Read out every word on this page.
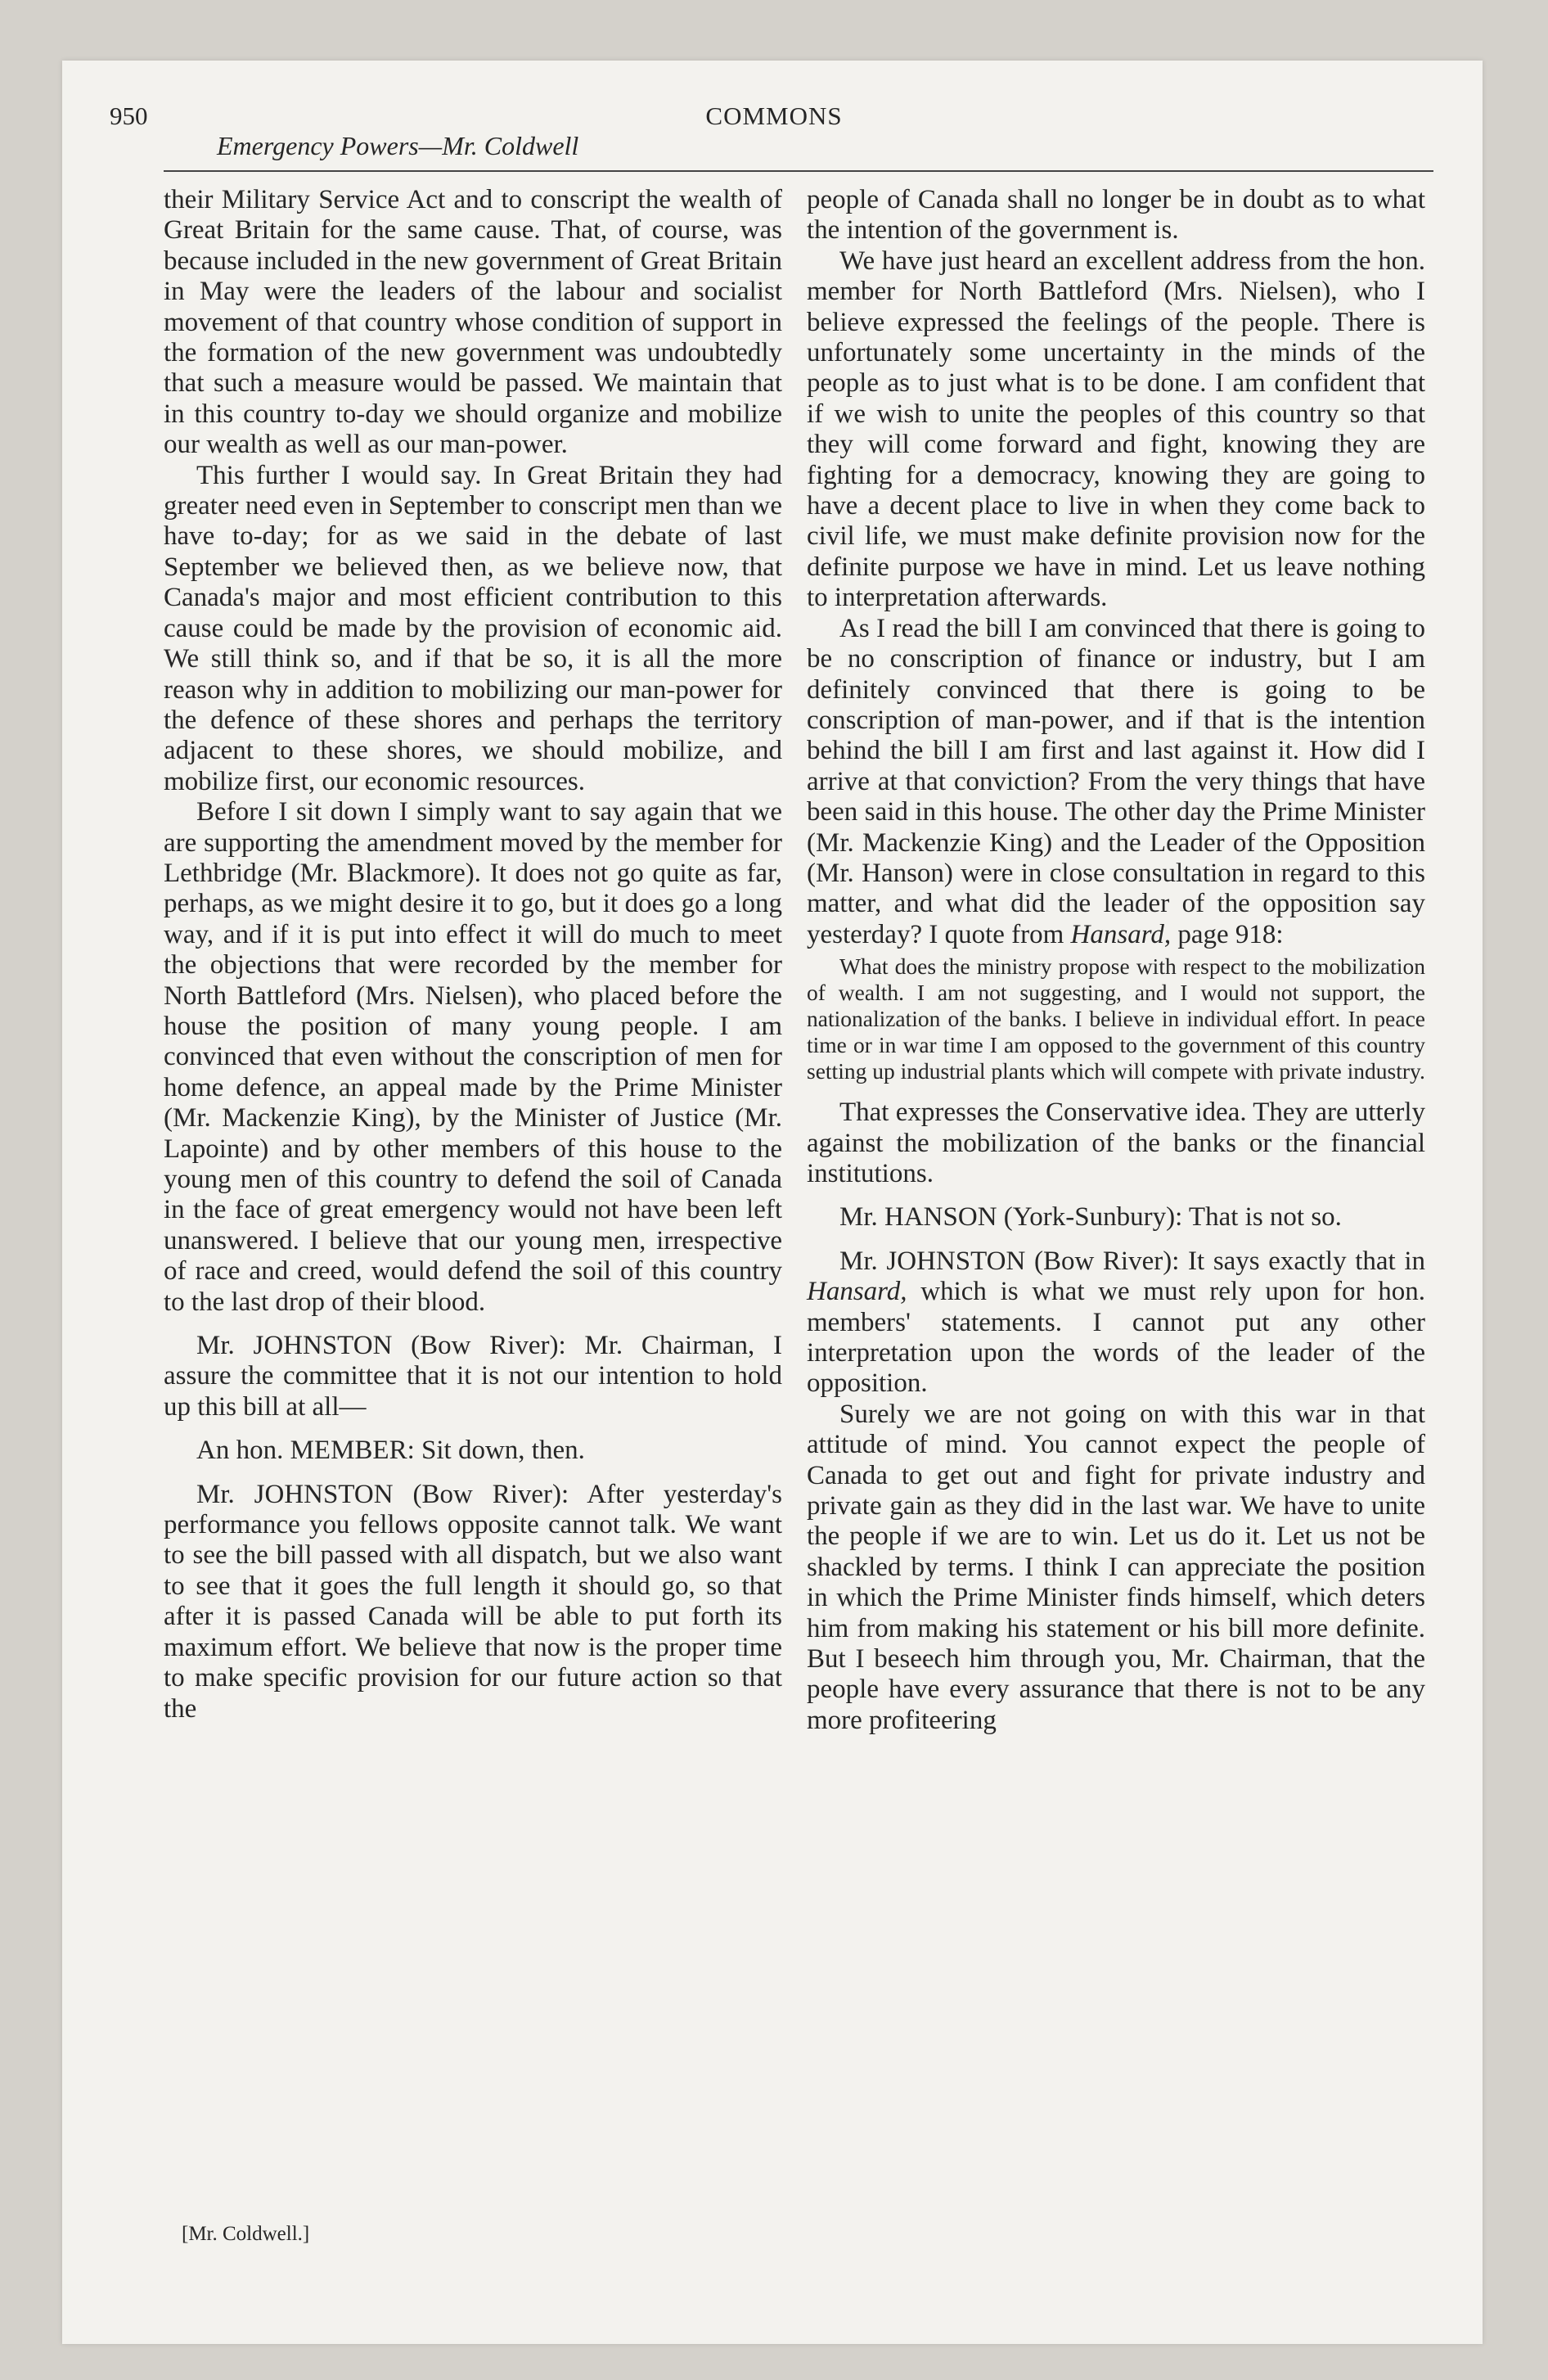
950	COMMONS
Emergency Powers—Mr. Coldwell

their Military Service Act and to conscript the wealth of Great Britain for the same cause. That, of course, was because included in the new government of Great Britain in May were the leaders of the labour and socialist movement of that country whose condition of support in the formation of the new government was undoubtedly that such a measure would be passed. We maintain that in this country to-day we should organize and mobilize our wealth as well as our man-power.

This further I would say. In Great Britain they had greater need even in September to conscript men than we have to-day; for as we said in the debate of last September we believed then, as we believe now, that Canada's major and most efficient contribution to this cause could be made by the provision of economic aid. We still think so, and if that be so, it is all the more reason why in addition to mobilizing our man-power for the defence of these shores and perhaps the territory adjacent to these shores, we should mobilize, and mobilize first, our economic resources.

Before I sit down I simply want to say again that we are supporting the amendment moved by the member for Lethbridge (Mr. Blackmore). It does not go quite as far, perhaps, as we might desire it to go, but it does go a long way, and if it is put into effect it will do much to meet the objections that were recorded by the member for North Battleford (Mrs. Nielsen), who placed before the house the position of many young people. I am convinced that even without the conscription of men for home defence, an appeal made by the Prime Minister (Mr. Mackenzie King), by the Minister of Justice (Mr. Lapointe) and by other members of this house to the young men of this country to defend the soil of Canada in the face of great emergency would not have been left unanswered. I believe that our young men, irrespective of race and creed, would defend the soil of this country to the last drop of their blood.

Mr. JOHNSTON (Bow River): Mr. Chairman, I assure the committee that it is not our intention to hold up this bill at all—

An hon. MEMBER: Sit down, then.

Mr. JOHNSTON (Bow River): After yesterday's performance you fellows opposite cannot talk. We want to see the bill passed with all dispatch, but we also want to see that it goes the full length it should go, so that after it is passed Canada will be able to put forth its maximum effort. We believe that now is the proper time to make specific provision for our future action so that the

people of Canada shall no longer be in doubt as to what the intention of the government is.

We have just heard an excellent address from the hon. member for North Battleford (Mrs. Nielsen), who I believe expressed the feelings of the people. There is unfortunately some uncertainty in the minds of the people as to just what is to be done. I am confident that if we wish to unite the peoples of this country so that they will come forward and fight, knowing they are fighting for a democracy, knowing they are going to have a decent place to live in when they come back to civil life, we must make definite provision now for the definite purpose we have in mind. Let us leave nothing to interpretation afterwards.

As I read the bill I am convinced that there is going to be no conscription of finance or industry, but I am definitely convinced that there is going to be conscription of man-power, and if that is the intention behind the bill I am first and last against it. How did I arrive at that conviction? From the very things that have been said in this house. The other day the Prime Minister (Mr. Mackenzie King) and the Leader of the Opposition (Mr. Hanson) were in close consultation in regard to this matter, and what did the leader of the opposition say yesterday? I quote from Hansard, page 918:

What does the ministry propose with respect to the mobilization of wealth. I am not suggesting, and I would not support, the nationalization of the banks. I believe in individual effort. In peace time or in war time I am opposed to the government of this country setting up industrial plants which will compete with private industry.

That expresses the Conservative idea. They are utterly against the mobilization of the banks or the financial institutions.

Mr. HANSON (York-Sunbury): That is not so.

Mr. JOHNSTON (Bow River): It says exactly that in Hansard, which is what we must rely upon for hon. members' statements. I cannot put any other interpretation upon the words of the leader of the opposition.

Surely we are not going on with this war in that attitude of mind. You cannot expect the people of Canada to get out and fight for private industry and private gain as they did in the last war. We have to unite the people if we are to win. Let us do it. Let us not be shackled by terms. I think I can appreciate the position in which the Prime Minister finds himself, which deters him from making his statement or his bill more definite. But I beseech him through you, Mr. Chairman, that the people have every assurance that there is not to be any more profiteering

[Mr. Coldwell.]
